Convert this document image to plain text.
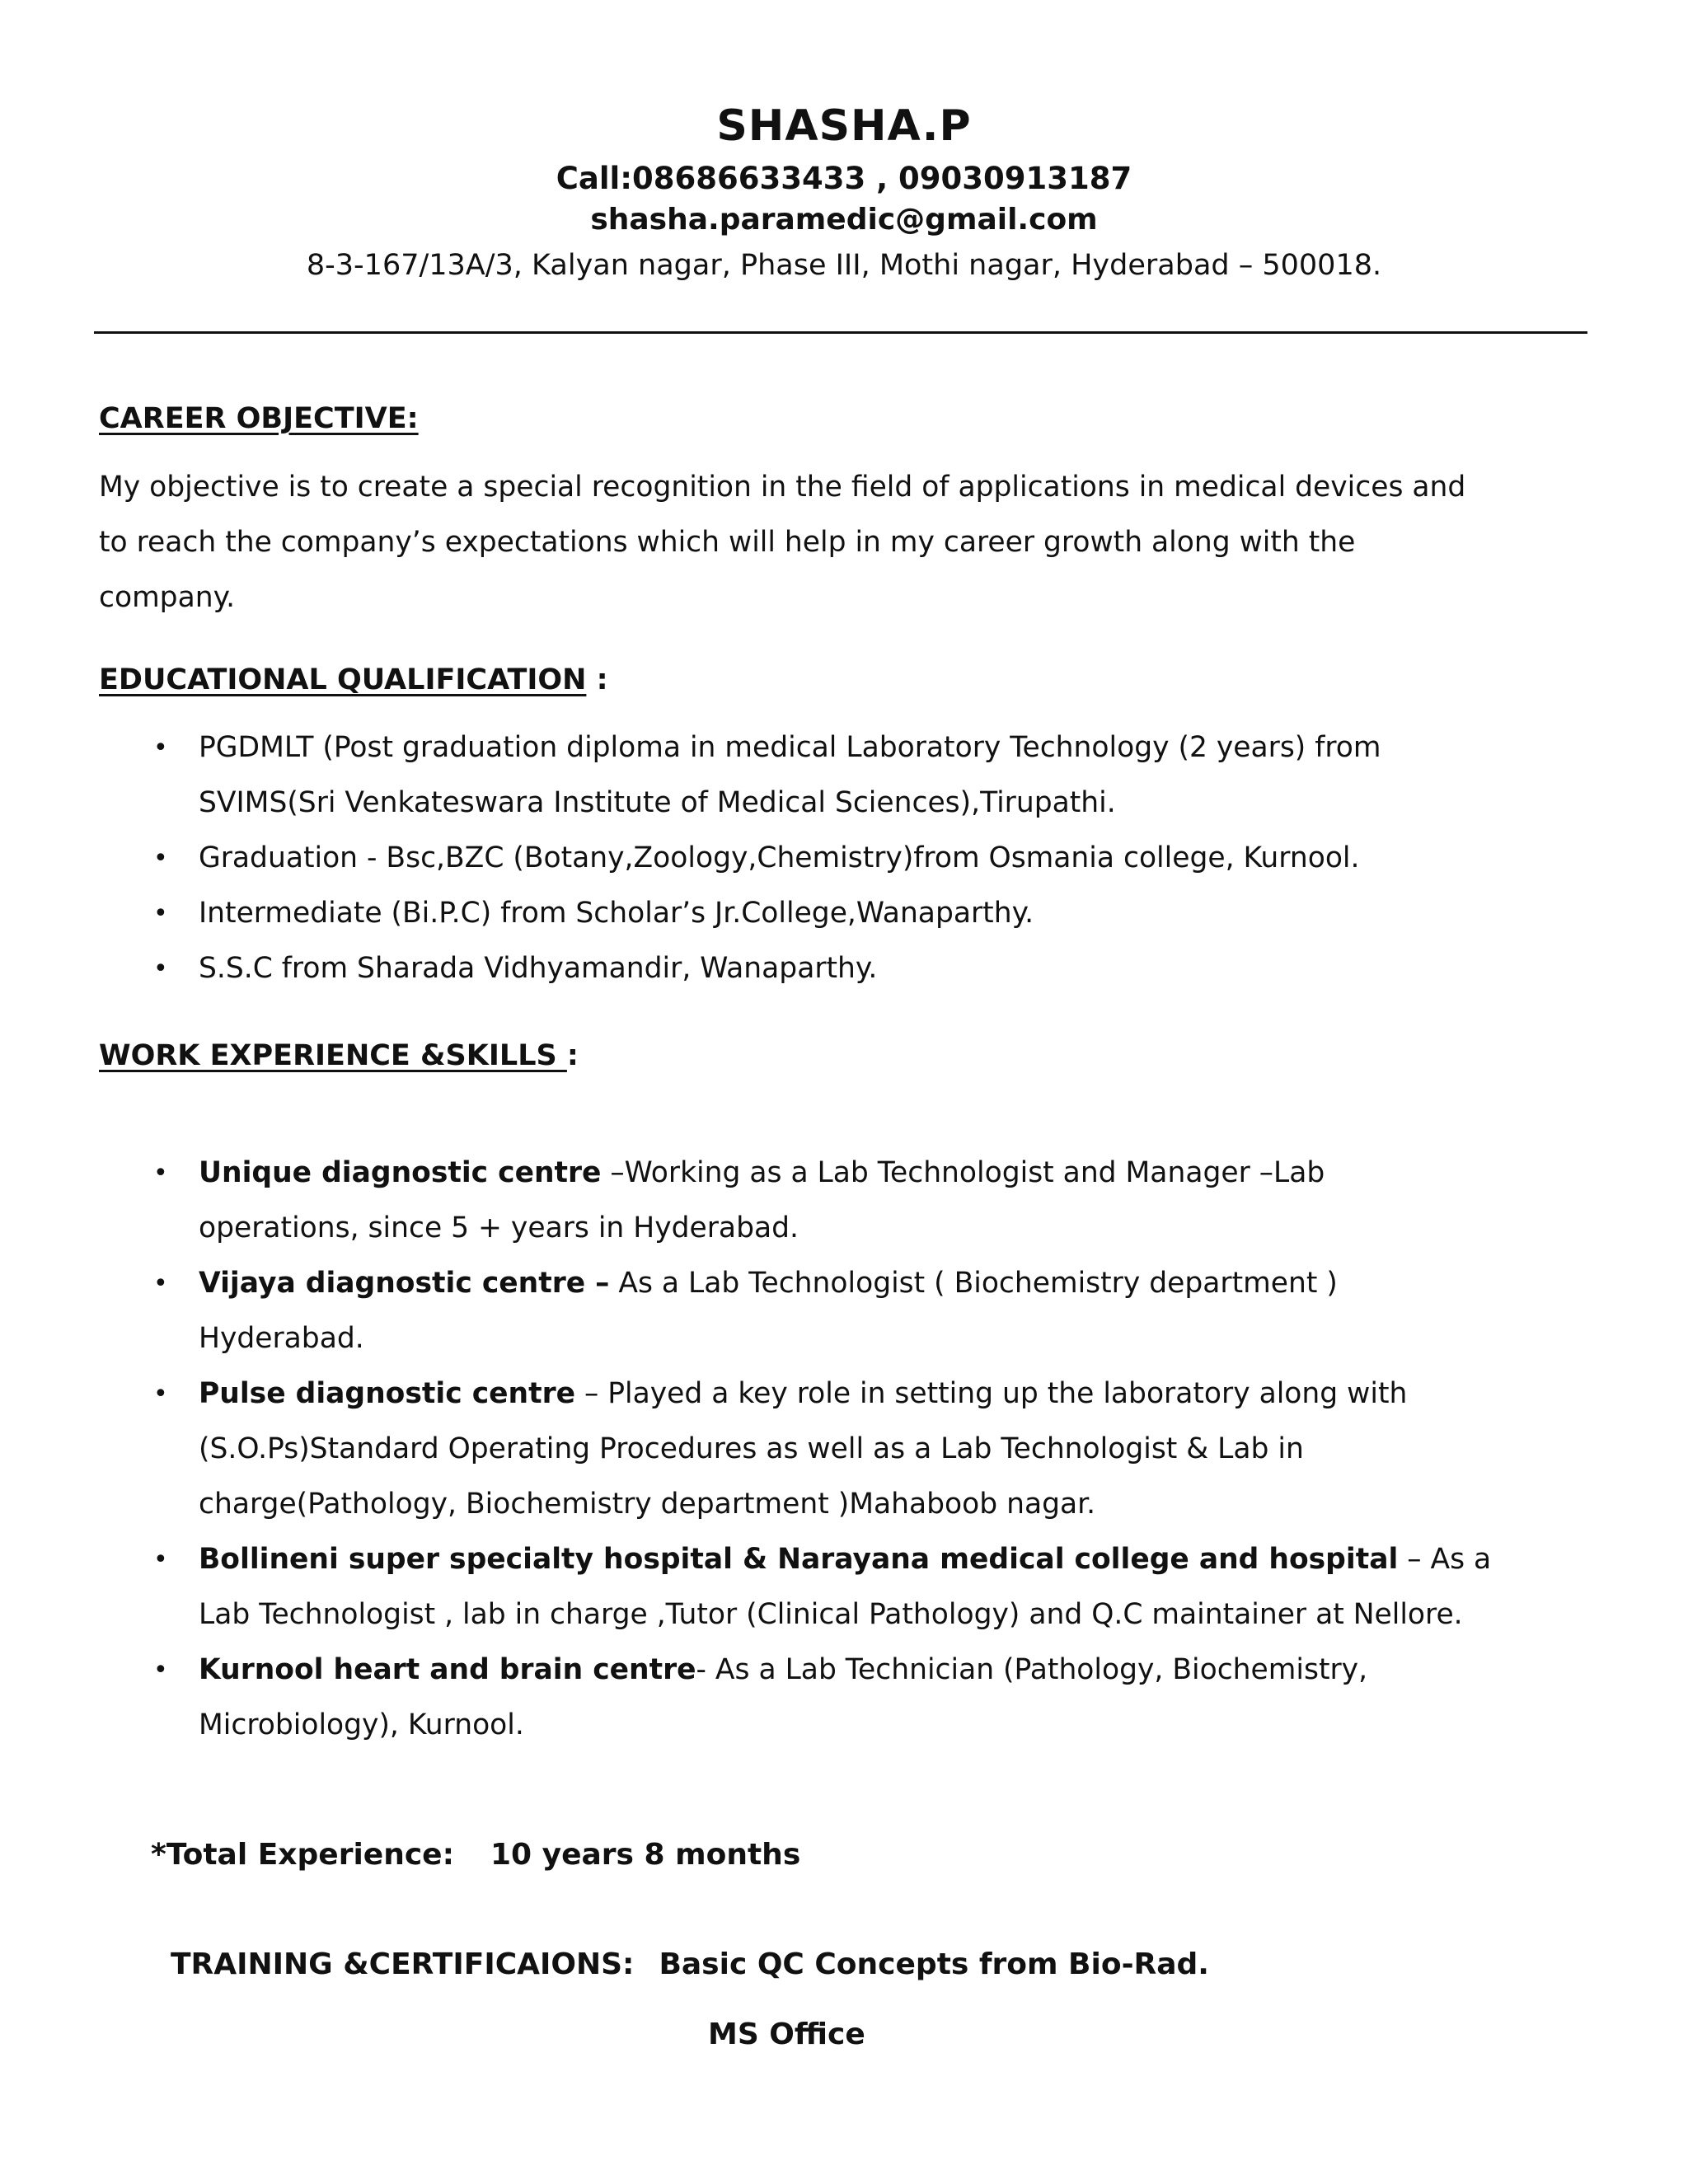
SHASHA.P
Call:08686633433 , 09030913187
shasha.paramedic@gmail.com
8-3-167/13A/3, Kalyan nagar, Phase III, Mothi nagar, Hyderabad – 500018.
CAREER OBJECTIVE:
My objective is to create a special recognition in the field of applications in medical devices and
to reach the company’s expectations which will help in my career growth along with the
company.
EDUCATIONAL QUALIFICATION :
• PGDMLT (Post graduation diploma in medical Laboratory Technology (2 years) from
SVIMS(Sri Venkateswara Institute of Medical Sciences),Tirupathi.
• Graduation - Bsc,BZC (Botany,Zoology,Chemistry)from Osmania college, Kurnool.
• Intermediate (Bi.P.C) from Scholar’s Jr.College,Wanaparthy.
• S.S.C from Sharada Vidhyamandir, Wanaparthy.
WORK EXPERIENCE &SKILLS :
• Unique diagnostic centre –Working as a Lab Technologist and Manager –Lab
operations, since 5 + years in Hyderabad.
• Vijaya diagnostic centre – As a Lab Technologist ( Biochemistry department )
Hyderabad.
• Pulse diagnostic centre – Played a key role in setting up the laboratory along with
(S.O.Ps)Standard Operating Procedures as well as a Lab Technologist & Lab in
charge(Pathology, Biochemistry department )Mahaboob nagar.
• Bollineni super specialty hospital & Narayana medical college and hospital – As a
Lab Technologist , lab in charge ,Tutor (Clinical Pathology) and Q.C maintainer at Nellore.
• Kurnool heart and brain centre- As a Lab Technician (Pathology, Biochemistry,
Microbiology), Kurnool.
*Total Experience: 10 years 8 months
TRAINING &CERTIFICAIONS: Basic QC Concepts from Bio-Rad.
MS Office
